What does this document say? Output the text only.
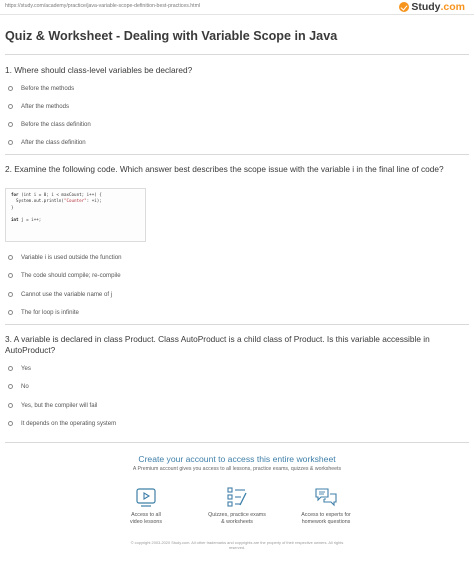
https://study.com/academy/practice/java-variable-scope-definition-best-practices.html	Study .com
Quiz & Worksheet - Dealing with Variable Scope in Java
1. Where should class-level variables be declared?
Before the methods
After the methods
Before the class definition
After the class definition
2. Examine the following code. Which answer best describes the scope issue with the variable i in the final line of code?
for (int i = 0; i < maxCount; i++) {
System.out.println("Counter": +i);
}

int j = i++;
Variable i is used outside the function
The code should compile; re-compile
Cannot use the variable name of j
The for loop is infinite
3. A variable is declared in class Product. Class AutoProduct is a child class of Product. Is this variable accessible in AutoProduct?
Yes
No
Yes, but the compiler will fail
It depends on the operating system
Create your account to access this entire worksheet
A Premium account gives you access to all lessons, practice exams, quizzes & worksheets
Access to all
video lessons
Quizzes, practice exams
& worksheets
Access to experts for
homework questions
© copyright 2003-2020 Study.com. All other trademarks and copyrights are the property of their respective owners. All rights
reserved.
